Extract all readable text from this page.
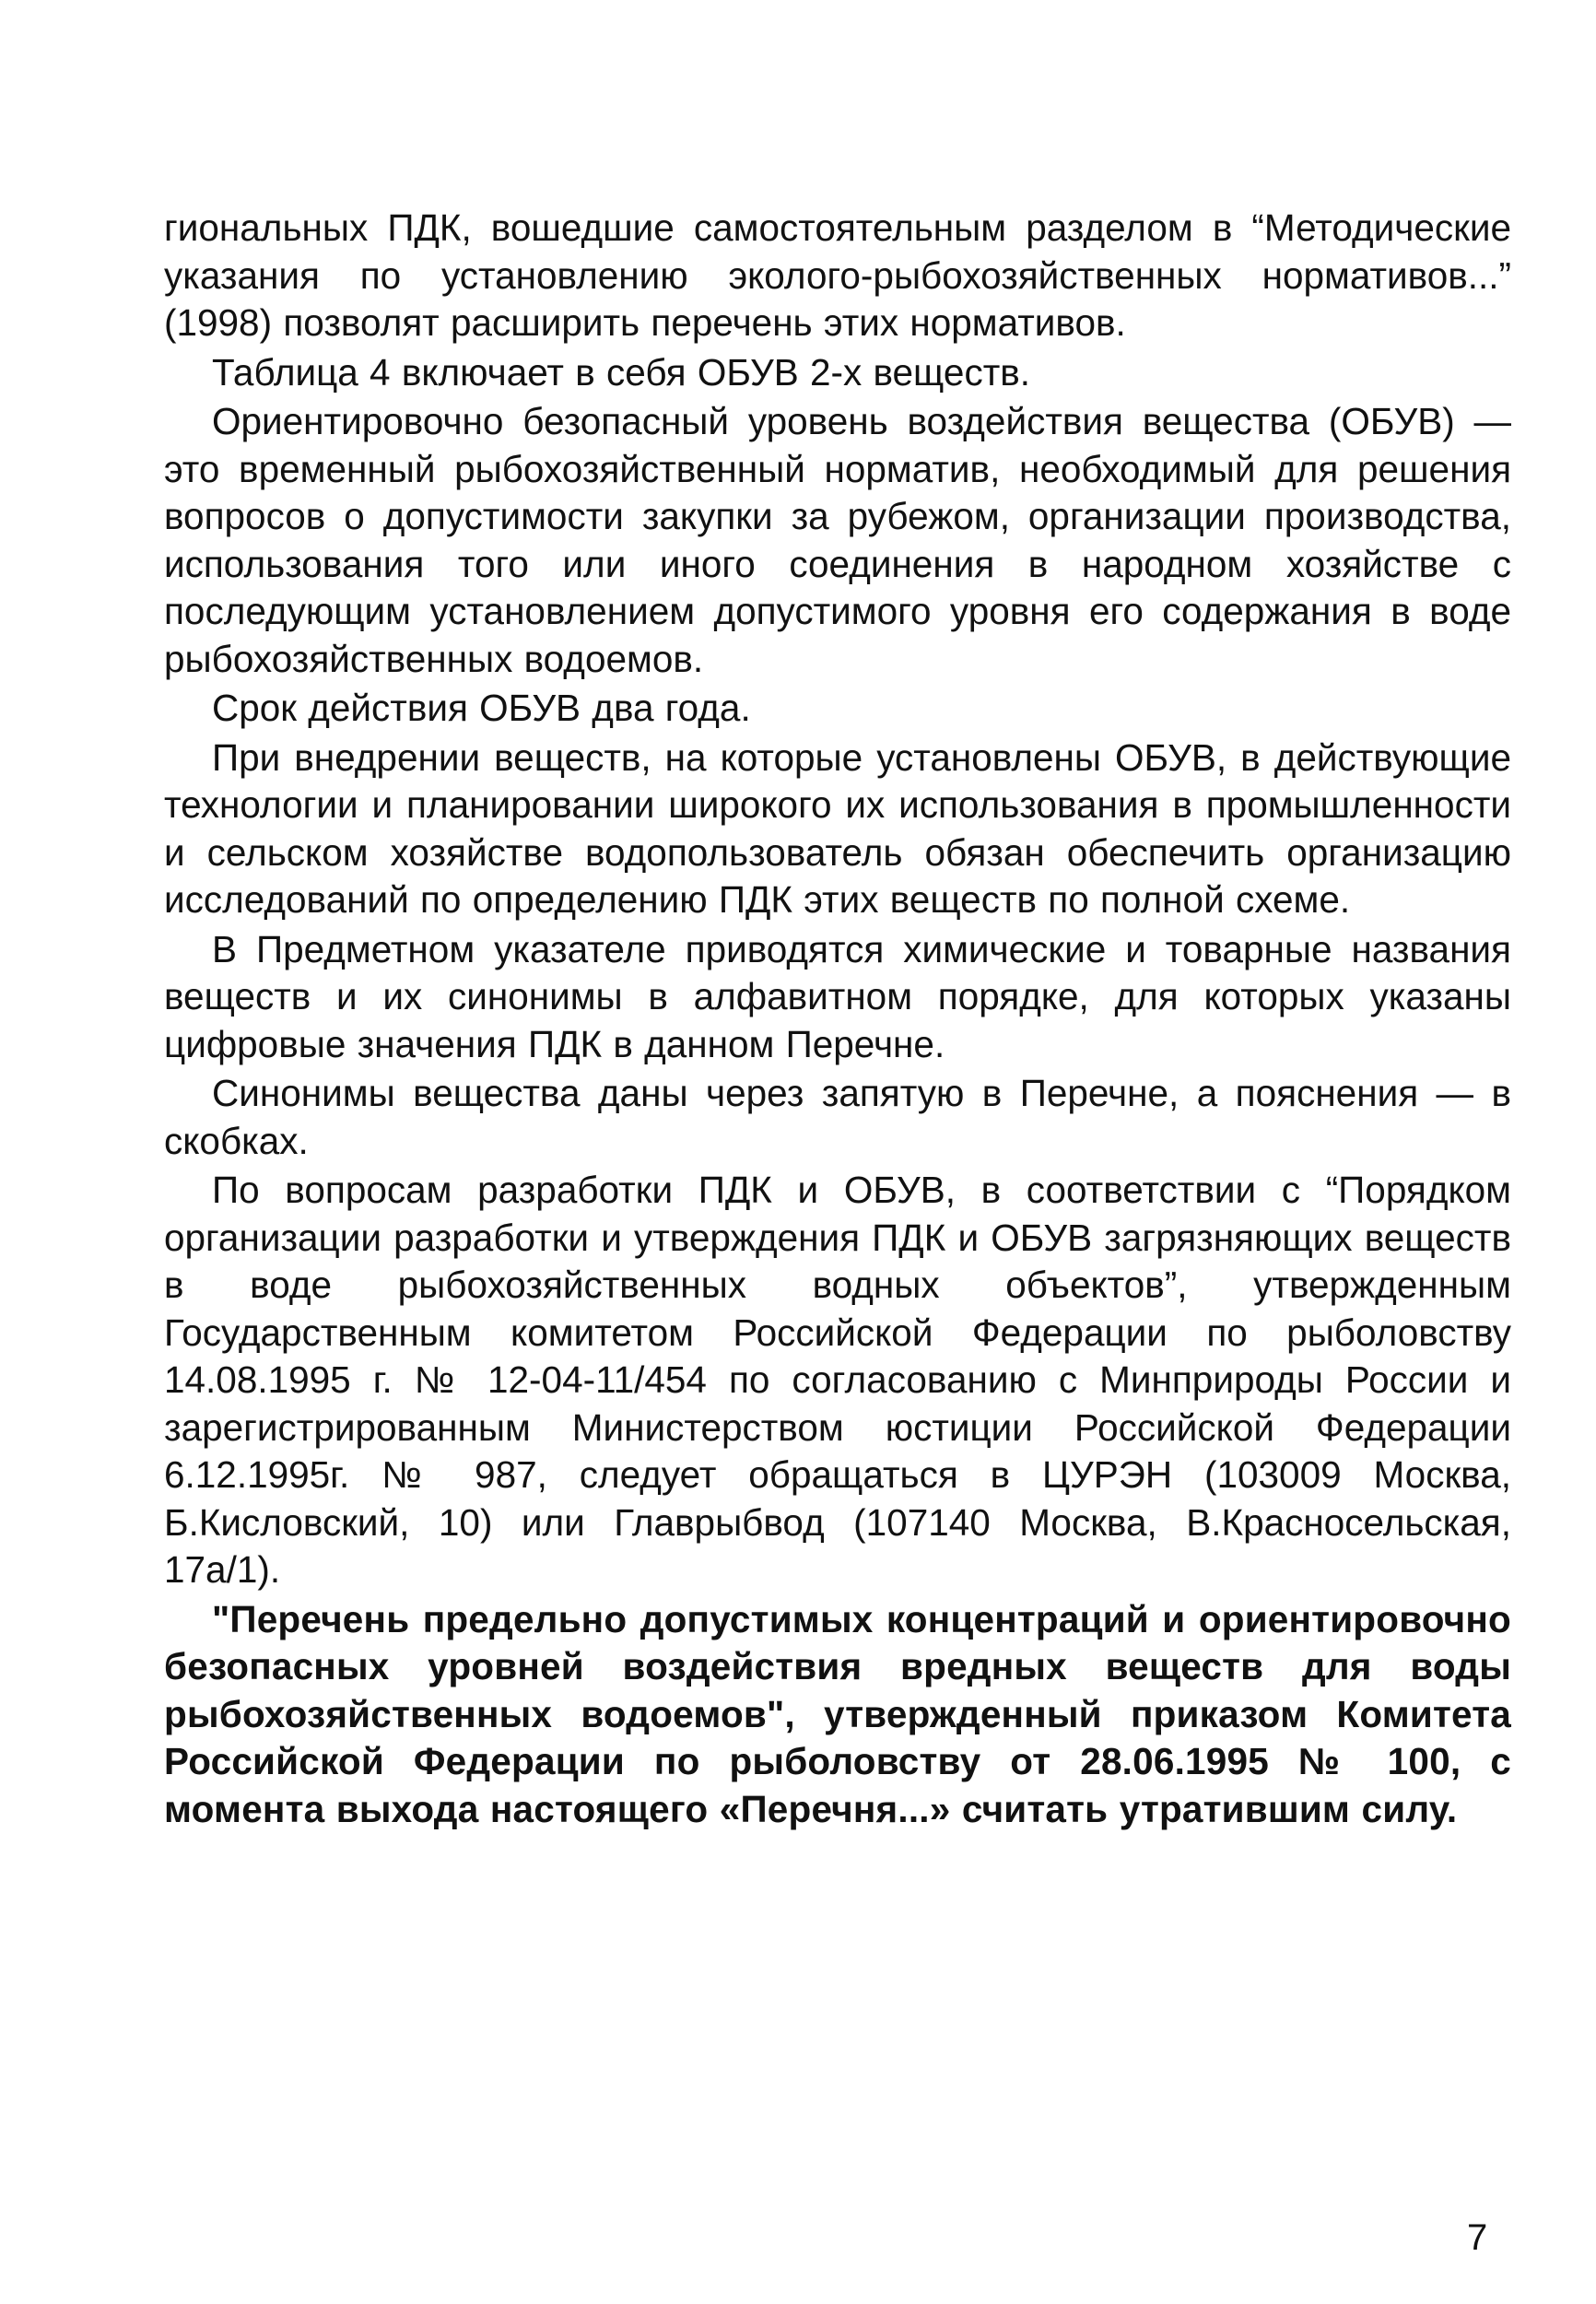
гиональных ПДК, вошедшие самостоятельным разделом в “Методические указания по установлению эколого-рыбохозяйственных нормативов...” (1998) позволят расширить перечень этих нормативов.

Таблица 4 включает в себя ОБУВ 2-х веществ.

Ориентировочно безопасный уровень воздействия вещества (ОБУВ) — это временный рыбохозяйственный норматив, необходимый для решения вопросов о допустимости закупки за рубежом, организации производства, использования того или иного соединения в народном хозяйстве с последующим установлением допустимого уровня его содержания в воде рыбохозяйственных водоемов.

Срок действия ОБУВ два года.

При внедрении веществ, на которые установлены ОБУВ, в действующие технологии и планировании широкого их использования в промышленности и сельском хозяйстве водопользователь обязан обеспечить организацию исследований по определению ПДК этих веществ по полной схеме.

В Предметном указателе приводятся химические и товарные названия веществ и их синонимы в алфавитном порядке, для которых указаны цифровые значения ПДК в данном Перечне.

Синонимы вещества даны через запятую в Перечне, а пояснения — в скобках.

По вопросам разработки ПДК и ОБУВ, в соответствии с “Порядком организации разработки и утверждения ПДК и ОБУВ загрязняющих веществ в воде рыбохозяйственных водных объектов”, утвержденным Государственным комитетом Российской Федерации по рыболовству 14.08.1995 г. № 12-04-11/454 по согласованию с Минприроды России и зарегистрированным Министерством юстиции Российской Федерации 6.12.1995г. № 987, следует обращаться в ЦУРЭН (103009 Москва, Б.Кисловский, 10) или Главрыбвод (107140 Москва, В.Красносельская, 17а/1).

"Перечень предельно допустимых концентраций и ориентировочно безопасных уровней воздействия вредных веществ для воды рыбохозяйственных водоемов", утвержденный приказом Комитета Российской Федерации по рыболовству от 28.06.1995 № 100, с момента выхода настоящего «Перечня...» считать утратившим силу.

7
